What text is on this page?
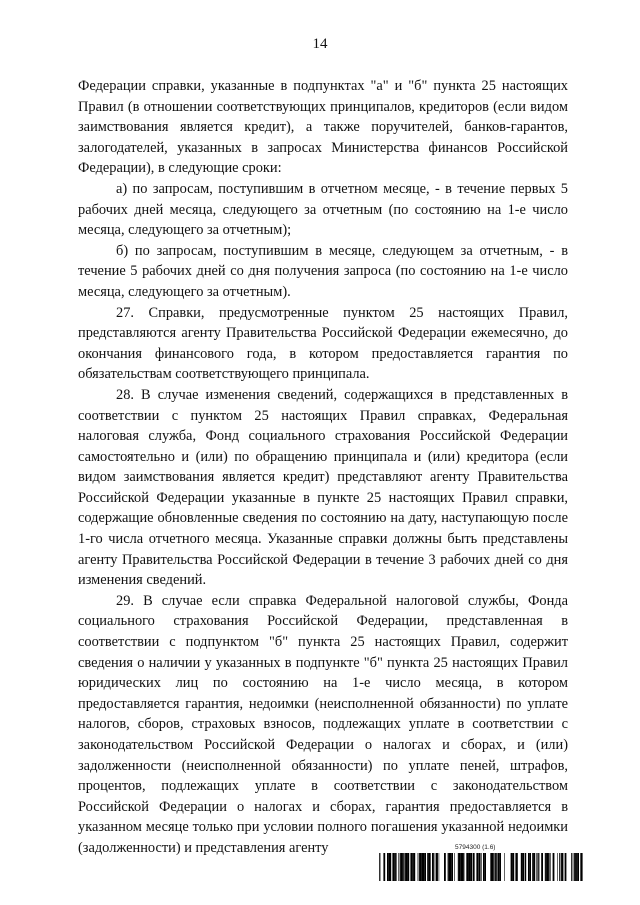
14

Федерации справки, указанные в подпунктах "а" и "б" пункта 25 настоящих Правил (в отношении соответствующих принципалов, кредиторов (если видом заимствования является кредит), а также поручителей, банков-гарантов, залогодателей, указанных в запросах Министерства финансов Российской Федерации), в следующие сроки:

а) по запросам, поступившим в отчетном месяце, - в течение первых 5 рабочих дней месяца, следующего за отчетным (по состоянию на 1-е число месяца, следующего за отчетным);

б) по запросам, поступившим в месяце, следующем за отчетным, - в течение 5 рабочих дней со дня получения запроса (по состоянию на 1-е число месяца, следующего за отчетным).

27. Справки, предусмотренные пунктом 25 настоящих Правил, представляются агенту Правительства Российской Федерации ежемесячно, до окончания финансового года, в котором предоставляется гарантия по обязательствам соответствующего принципала.

28. В случае изменения сведений, содержащихся в представленных в соответствии с пунктом 25 настоящих Правил справках, Федеральная налоговая служба, Фонд социального страхования Российской Федерации самостоятельно и (или) по обращению принципала и (или) кредитора (если видом заимствования является кредит) представляют агенту Правительства Российской Федерации указанные в пункте 25 настоящих Правил справки, содержащие обновленные сведения по состоянию на дату, наступающую после 1-го числа отчетного месяца. Указанные справки должны быть представлены агенту Правительства Российской Федерации в течение 3 рабочих дней со дня изменения сведений.

29. В случае если справка Федеральной налоговой службы, Фонда социального страхования Российской Федерации, представленная в соответствии с подпунктом "б" пункта 25 настоящих Правил, содержит сведения о наличии у указанных в подпункте "б" пункта 25 настоящих Правил юридических лиц по состоянию на 1-е число месяца, в котором предоставляется гарантия, недоимки (неисполненной обязанности) по уплате налогов, сборов, страховых взносов, подлежащих уплате в соответствии с законодательством Российской Федерации о налогах и сборах, и (или) задолженности (неисполненной обязанности) по уплате пеней, штрафов, процентов, подлежащих уплате в соответствии с законодательством Российской Федерации о налогах и сборах, гарантия предоставляется в указанном месяце только при условии полного погашения указанной недоимки (задолженности) и представления агенту	5794300 (1.6)
